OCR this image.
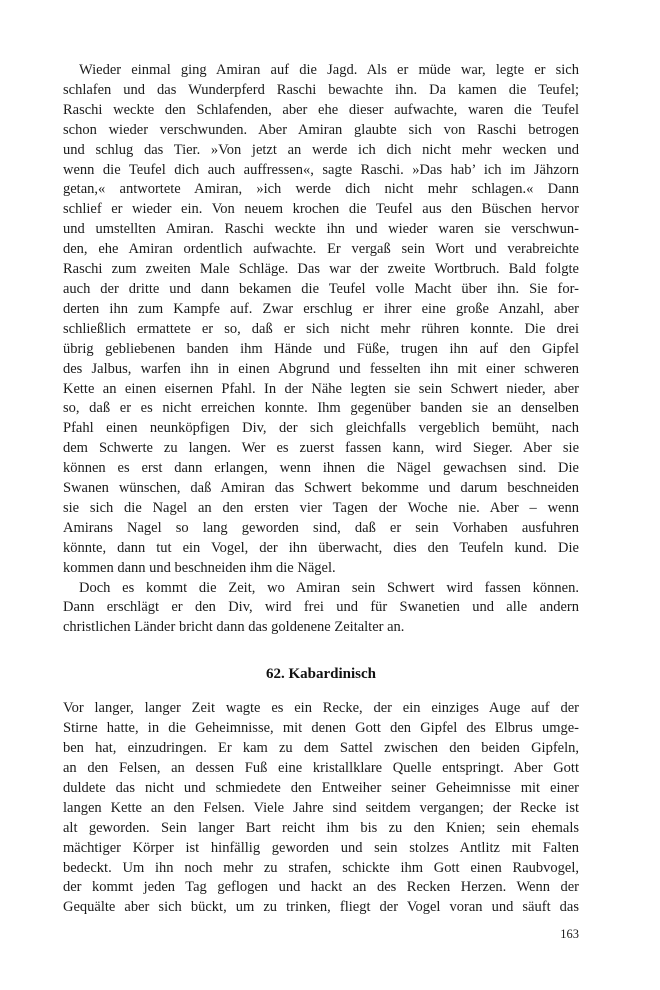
Wieder einmal ging Amiran auf die Jagd. Als er müde war, legte er sich
schlafen und das Wunderpferd Raschi bewachte ihn. Da kamen die Teufel;
Raschi weckte den Schlafenden, aber ehe dieser aufwachte, waren die Teufel
schon wieder verschwunden. Aber Amiran glaubte sich von Raschi betrogen
und schlug das Tier. »Von jetzt an werde ich dich nicht mehr wecken und
wenn die Teufel dich auch auffressen«, sagte Raschi. »Das hab’ ich im Jähzorn
getan,« antwortete Amiran, »ich werde dich nicht mehr schlagen.« Dann
schlief er wieder ein. Von neuem krochen die Teufel aus den Büschen hervor
und umstellten Amiran. Raschi weckte ihn und wieder waren sie verschwun-
den, ehe Amiran ordentlich aufwachte. Er vergaß sein Wort und verabreichte
Raschi zum zweiten Male Schläge. Das war der zweite Wortbruch. Bald folgte
auch der dritte und dann bekamen die Teufel volle Macht über ihn. Sie for-
derten ihn zum Kampfe auf. Zwar erschlug er ihrer eine große Anzahl, aber
schließlich ermattete er so, daß er sich nicht mehr rühren konnte. Die drei
übrig gebliebenen banden ihm Hände und Füße, trugen ihn auf den Gipfel
des Jalbus, warfen ihn in einen Abgrund und fesselten ihn mit einer schweren
Kette an einen eisernen Pfahl. In der Nähe legten sie sein Schwert nieder, aber
so, daß er es nicht erreichen konnte. Ihm gegenüber banden sie an denselben
Pfahl einen neunköpfigen Div, der sich gleichfalls vergeblich bemüht, nach
dem Schwerte zu langen. Wer es zuerst fassen kann, wird Sieger. Aber sie
können es erst dann erlangen, wenn ihnen die Nägel gewachsen sind. Die
Swanen wünschen, daß Amiran das Schwert bekomme und darum beschneiden
sie sich die Nagel an den ersten vier Tagen der Woche nie. Aber – wenn
Amirans Nagel so lang geworden sind, daß er sein Vorhaben ausfuhren
könnte, dann tut ein Vogel, der ihn überwacht, dies den Teufeln kund. Die
kommen dann und beschneiden ihm die Nägel.
Doch es kommt die Zeit, wo Amiran sein Schwert wird fassen können.
Dann erschlägt er den Div, wird frei und für Swanetien und alle andern
christlichen Länder bricht dann das goldenene Zeitalter an.
62. Kabardinisch
Vor langer, langer Zeit wagte es ein Recke, der ein einziges Auge auf der
Stirne hatte, in die Geheimnisse, mit denen Gott den Gipfel des Elbrus umge-
ben hat, einzudringen. Er kam zu dem Sattel zwischen den beiden Gipfeln,
an den Felsen, an dessen Fuß eine kristallklare Quelle entspringt. Aber Gott
duldete das nicht und schmiedete den Entweiher seiner Geheimnisse mit einer
langen Kette an den Felsen. Viele Jahre sind seitdem vergangen; der Recke ist
alt geworden. Sein langer Bart reicht ihm bis zu den Knien; sein ehemals
mächtiger Körper ist hinfällig geworden und sein stolzes Antlitz mit Falten
bedeckt. Um ihn noch mehr zu strafen, schickte ihm Gott einen Raubvogel,
der kommt jeden Tag geflogen und hackt an des Recken Herzen. Wenn der
Gequälte aber sich bückt, um zu trinken, fliegt der Vogel voran und säuft das
163
